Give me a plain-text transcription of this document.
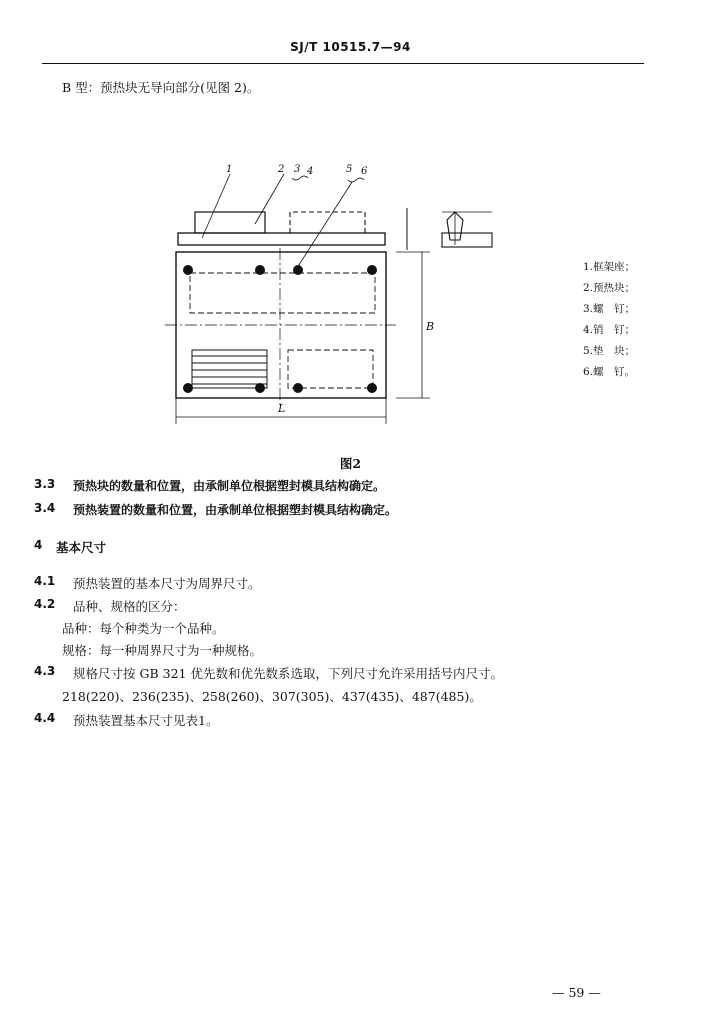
SJ/T 10515.7—94
B 型：预热块无导向部分(见图 2)。
1	2 3 4	5 6
L
B
1.框架座；
2.预热块；
3.螺　钉；
4.销　钉；
5.垫　块；
6.螺　钉。
图2
3.3 预热块的数量和位置，由承制单位根据塑封模具结构确定。
3.4 预热装置的数量和位置，由承制单位根据塑封模具结构确定。
4 基本尺寸
4.1 预热装置的基本尺寸为周界尺寸。
4.2 品种、规格的区分：
品种：每个种类为一个品种。
规格：每一种周界尺寸为一种规格。
4.3 规格尺寸按 GB 321 优先数和优先数系选取，下列尺寸允许采用括号内尺寸。
218(220)、236(235)、258(260)、307(305)、437(435)、487(485)。
4.4 预热装置基本尺寸见表1。
— 59 —
